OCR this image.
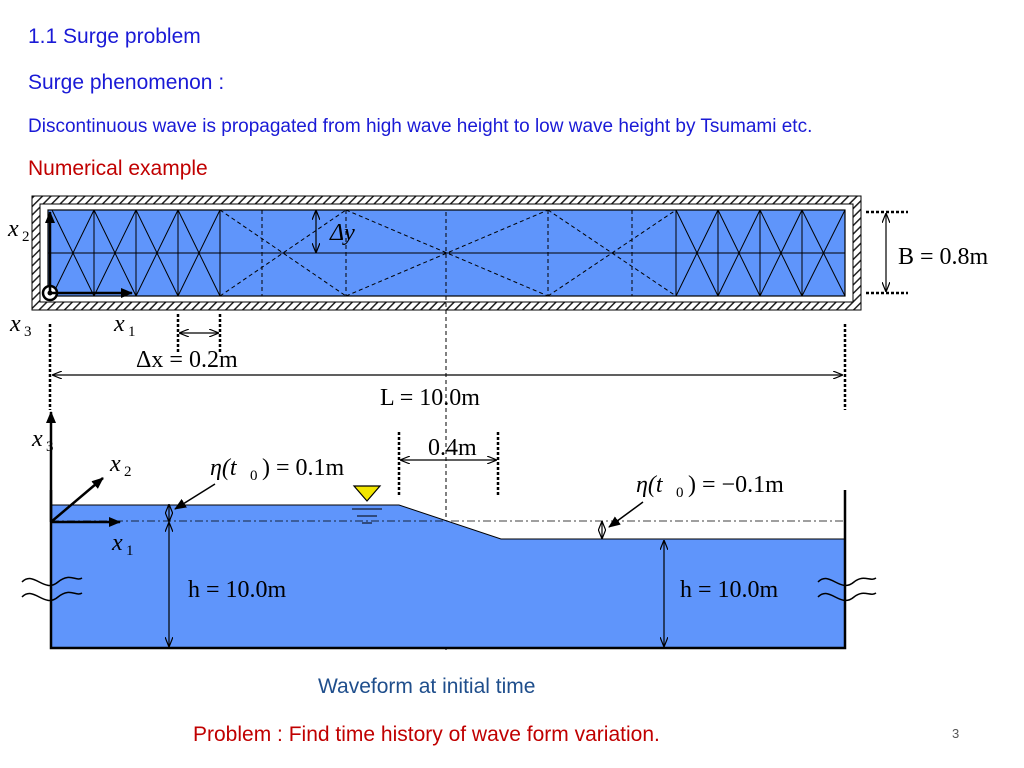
1.1 Surge problem
Surge phenomenon :
Discontinuous wave is propagated from high wave height to low wave height by Tsumami etc.
Numerical example
x 2
x 3	x 1
Δy
B = 0.8m
Δx = 0.2m
L = 10.0m
x 3
x 2
x 1
0.4m
η(t 0 ) = 0.1m
η(t 0 ) = −0.1m
h = 10.0m	h = 10.0m
Waveform at initial time
Problem : Find time history of wave form variation.	3
